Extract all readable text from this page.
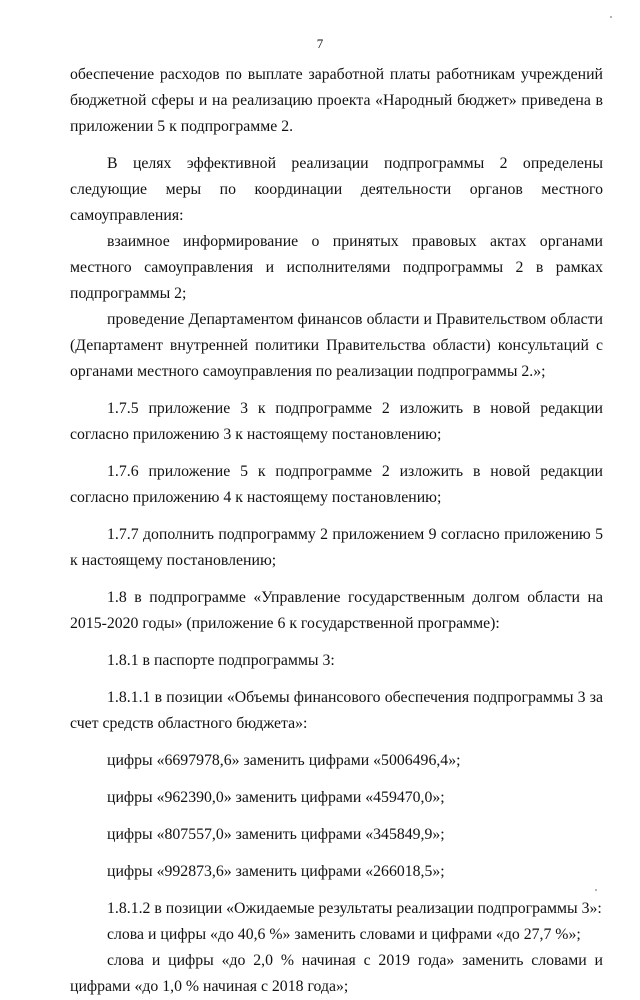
7

обеспечение расходов по выплате заработной платы работникам учреждений бюджетной сферы и на реализацию проекта «Народный бюджет» приведена в приложении 5 к подпрограмме 2.

В целях эффективной реализации подпрограммы 2 определены следующие меры по координации деятельности органов местного самоуправления:

взаимное информирование о принятых правовых актах органами местного самоуправления и исполнителями подпрограммы 2 в рамках подпрограммы 2;

проведение Департаментом финансов области и Правительством области (Департамент внутренней политики Правительства области) консультаций с органами местного самоуправления по реализации подпрограммы 2.»;

1.7.5 приложение 3 к подпрограмме 2 изложить в новой редакции согласно приложению 3 к настоящему постановлению;

1.7.6 приложение 5 к подпрограмме 2 изложить в новой редакции согласно приложению 4 к настоящему постановлению;

1.7.7 дополнить подпрограмму 2 приложением 9 согласно приложению 5 к настоящему постановлению;

1.8 в подпрограмме «Управление государственным долгом области на 2015-2020 годы» (приложение 6 к государственной программе):

1.8.1 в паспорте подпрограммы 3:

1.8.1.1 в позиции «Объемы финансового обеспечения подпрограммы 3 за счет средств областного бюджета»:

цифры «6697978,6» заменить цифрами «5006496,4»;

цифры «962390,0» заменить цифрами «459470,0»;

цифры «807557,0» заменить цифрами «345849,9»;

цифры «992873,6» заменить цифрами «266018,5»;

1.8.1.2 в позиции «Ожидаемые результаты реализации подпрограммы 3»:

слова и цифры «до 40,6 %» заменить словами и цифрами «до 27,7 %»;

слова и цифры «до 2,0 % начиная с 2019 года» заменить словами и цифрами «до 1,0 % начиная с 2018 года»;
